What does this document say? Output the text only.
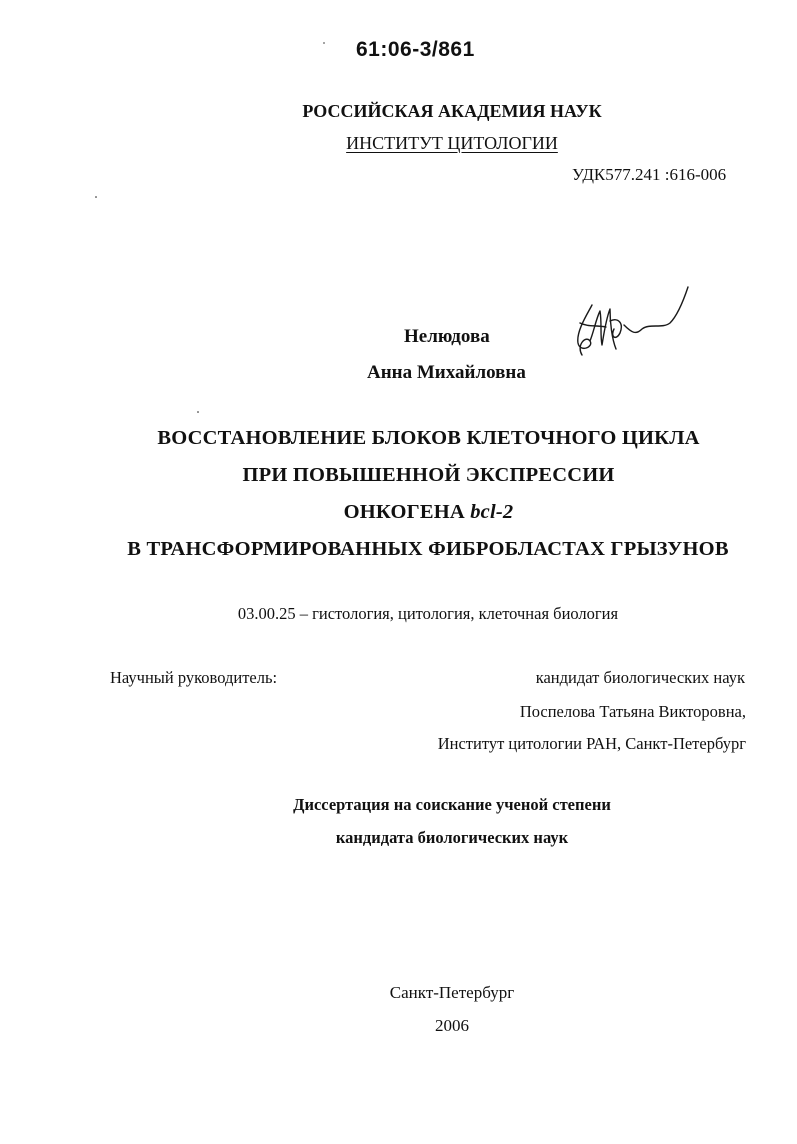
61:06-3/861
РОССИЙСКАЯ АКАДЕМИЯ НАУК
ИНСТИТУТ ЦИТОЛОГИИ
УДК577.241 :616-006
Нелюдова
Анна Михайловна
ВОССТАНОВЛЕНИЕ БЛОКОВ КЛЕТОЧНОГО ЦИКЛА
ПРИ ПОВЫШЕННОЙ ЭКСПРЕССИИ
ОНКОГЕНА bcl-2
В ТРАНСФОРМИРОВАННЫХ ФИБРОБЛАСТАХ ГРЫЗУНОВ
03.00.25 – гистология, цитология, клеточная биология
Научный руководитель:	кандидат биологических наук
Поспелова Татьяна Викторовна,
Институт цитологии РАН, Санкт-Петербург
Диссертация на соискание ученой степени
кандидата биологических наук
Санкт-Петербург
2006
